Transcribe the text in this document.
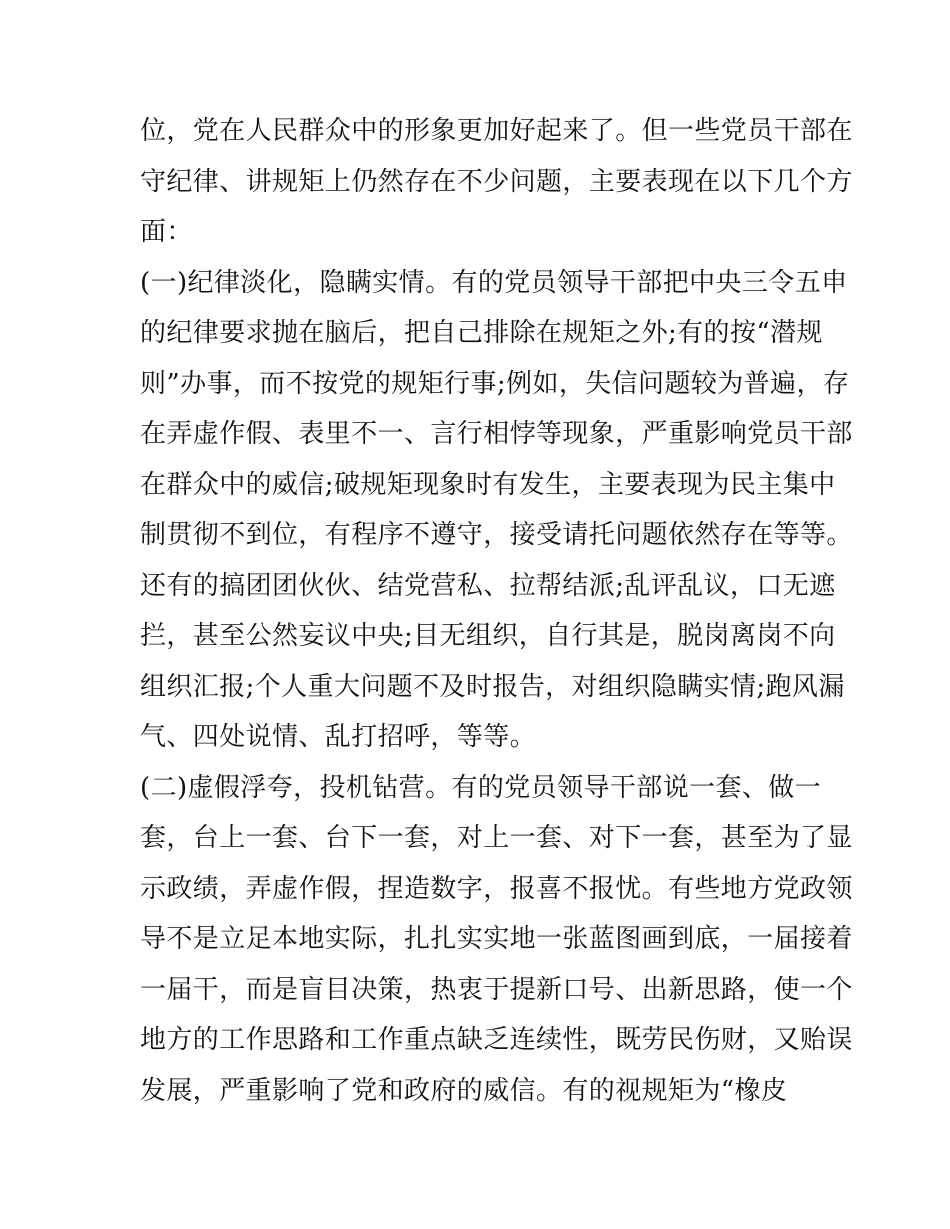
位，党在人民群众中的形象更加好起来了。但一些党员干部在
守纪律、讲规矩上仍然存在不少问题，主要表现在以下几个方
面：
(一)纪律淡化，隐瞒实情。有的党员领导干部把中央三令五申
的纪律要求抛在脑后，把自己排除在规矩之外;有的按“潜规
则”办事，而不按党的规矩行事;例如，失信问题较为普遍，存
在弄虚作假、表里不一、言行相悖等现象，严重影响党员干部
在群众中的威信;破规矩现象时有发生，主要表现为民主集中
制贯彻不到位，有程序不遵守，接受请托问题依然存在等等。
还有的搞团团伙伙、结党营私、拉帮结派;乱评乱议，口无遮
拦，甚至公然妄议中央;目无组织，自行其是，脱岗离岗不向
组织汇报;个人重大问题不及时报告，对组织隐瞒实情;跑风漏
气、四处说情、乱打招呼，等等。
(二)虚假浮夸，投机钻营。有的党员领导干部说一套、做一
套，台上一套、台下一套，对上一套、对下一套，甚至为了显
示政绩，弄虚作假，捏造数字，报喜不报忧。有些地方党政领
导不是立足本地实际，扎扎实实地一张蓝图画到底，一届接着
一届干，而是盲目决策，热衷于提新口号、出新思路，使一个
地方的工作思路和工作重点缺乏连续性，既劳民伤财，又贻误
发展，严重影响了党和政府的威信。有的视规矩为“橡皮
